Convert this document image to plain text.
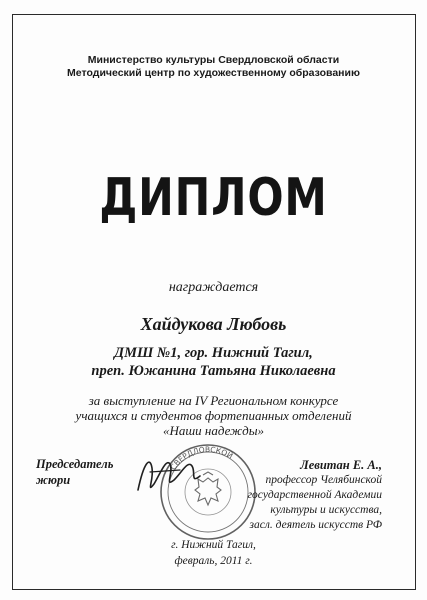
Министерство культуры Свердловской области
Методический центр по художественному образованию
ДИПЛОМ
награждается
Хайдукова Любовь
ДМШ №1, гор. Нижний Тагил,
преп. Южанина Татьяна Николаевна
за выступление на IV Региональном конкурсе
учащихся и студентов фортепианных отделений
«Наши надежды»
СВЕРДЛОВСКОЙ
Председатель
жюри
Левитан Е. А.,
профессор Челябинской
государственной Академии
культуры и искусства,
засл. деятель искусств РФ
г. Нижний Тагил,
февраль, 2011 г.
